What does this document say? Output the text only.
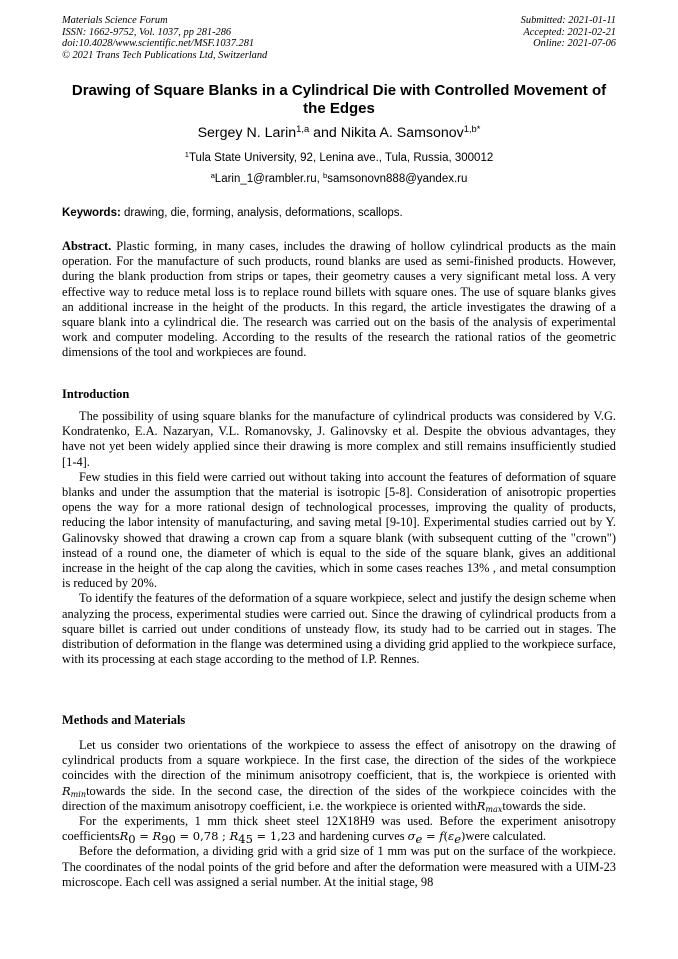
Materials Science Forum
ISSN: 1662-9752, Vol. 1037, pp 281-286
doi:10.4028/www.scientific.net/MSF.1037.281
© 2021 Trans Tech Publications Ltd, Switzerland
Submitted: 2021-01-11
Accepted: 2021-02-21
Online: 2021-07-06
Drawing of Square Blanks in a Cylindrical Die with Controlled Movement of the Edges
Sergey N. Larin$^{1,a}$ and Nikita A. Samsonov$^{1,b*}$
$^1$Tula State University, 92, Lenina ave., Tula, Russia, 300012
$^a$Larin_1@rambler.ru, $^b$samsonovn888@yandex.ru
Keywords: drawing, die, forming, analysis, deformations, scallops.
Abstract. Plastic forming, in many cases, includes the drawing of hollow cylindrical products as the main operation. For the manufacture of such products, round blanks are used as semi-finished products. However, during the blank production from strips or tapes, their geometry causes a very significant metal loss. A very effective way to reduce metal loss is to replace round billets with square ones. The use of square blanks gives an additional increase in the height of the products. In this regard, the article investigates the drawing of a square blank into a cylindrical die. The research was carried out on the basis of the analysis of experimental work and computer modeling. According to the results of the research the rational ratios of the geometric dimensions of the tool and workpieces are found.
Introduction

The possibility of using square blanks for the manufacture of cylindrical products was considered by V.G. Kondratenko, E.A. Nazaryan, V.L. Romanovsky, J. Galinovsky et al. Despite the obvious advantages, they have not yet been widely applied since their drawing is more complex and still remains insufficiently studied [1-4].

Few studies in this field were carried out without taking into account the features of deformation of square blanks and under the assumption that the material is isotropic [5-8]. Consideration of anisotropic properties opens the way for a more rational design of technological processes, improving the quality of products, reducing the labor intensity of manufacturing, and saving metal [9-10]. Experimental studies carried out by Y. Galinovsky showed that drawing a crown cap from a square blank (with subsequent cutting of the "crown") instead of a round one, the diameter of which is equal to the side of the square blank, gives an additional increase in the height of the cap along the cavities, which in some cases reaches 13% , and metal consumption is reduced by 20%.

To identify the features of the deformation of a square workpiece, select and justify the design scheme when analyzing the process, experimental studies were carried out. Since the drawing of cylindrical products from a square billet is carried out under conditions of unsteady flow, its study had to be carried out in stages. The distribution of deformation in the flange was determined using a dividing grid applied to the workpiece surface, with its processing at each stage according to the method of I.P. Rennes.

Methods and Materials

Let us consider two orientations of the workpiece to assess the effect of anisotropy on the drawing of cylindrical products from a square workpiece. In the first case, the direction of the sides of the workpiece coincides with the direction of the minimum anisotropy coefficient, that is, the workpiece is oriented with $R_{min}towards$ the side. In the second case, the direction of the sides of the workpiece coincides with the direction of the maximum anisotropy coefficient, i.e. the workpiece is oriented withR$_{max}$towards the side.

For the experiments, 1 mm thick sheet steel 12X18H9 was used. Before the experiment anisotropy coefficientsR$_0$ = $R_{90} = 0,78$ ; $R_{45} = 1,23$ and hardening curves $\sigma_e$ = $f(\varepsilon_e)were$ calculated.

Before the deformation, a dividing grid with a grid size of 1 mm was put on the surface of the workpiece. The coordinates of the nodal points of the grid before and after the deformation were measured with a UIM-23 microscope. Each cell was assigned a serial number. At the initial stage, 98
